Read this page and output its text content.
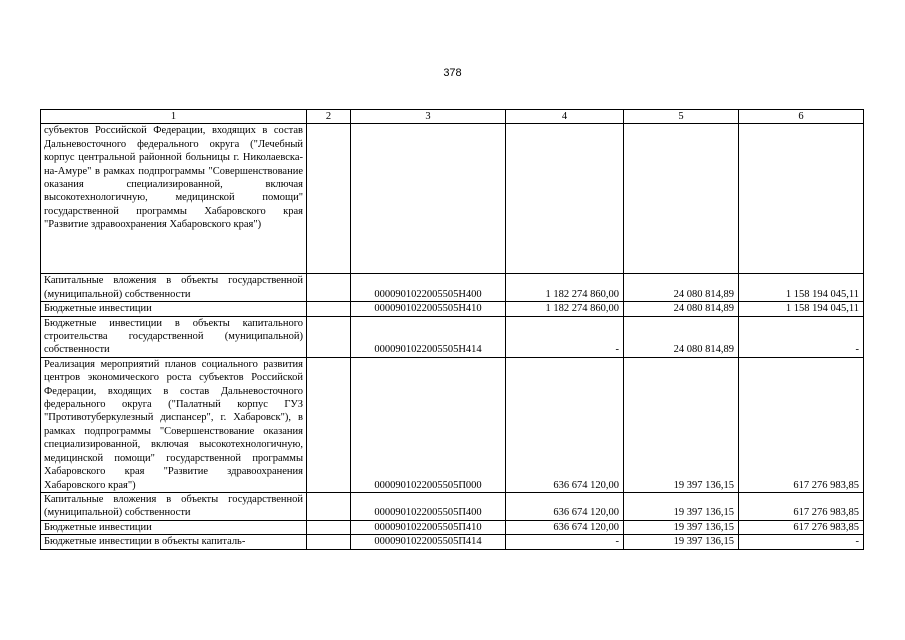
378
1	2	3	4	5	6
субъектов Российской Федерации, входящих в состав Дальневосточного федерального округа ("Лечебный корпус центральной районной больницы г. Николаевска-на-Амуре" в рамках подпрограммы "Совершенствование оказания специализированной, включая высокотехнологичную, медицинской помощи" государственной программы Хабаровского края "Развитие здравоохранения Хабаровского края")					
Капитальные вложения в объекты государственной (муниципальной) собственности		0000901022005505Н400	1 182 274 860,00	24 080 814,89	1 158 194 045,11
Бюджетные инвестиции		0000901022005505Н410	1 182 274 860,00	24 080 814,89	1 158 194 045,11
Бюджетные инвестиции в объекты капитального строительства государственной (муниципальной) собственности		0000901022005505Н414	-	24 080 814,89	-
Реализация мероприятий планов социального развития центров экономического роста субъектов Российской Федерации, входящих в состав Дальневосточного федерального округа ("Палатный корпус ГУЗ "Противотуберкулезный диспансер", г. Хабаровск"), в рамках подпрограммы "Совершенствование оказания специализированной, включая высокотехнологичную, медицинской помощи" государственной программы Хабаровского края "Развитие здравоохранения Хабаровского края")		0000901022005505П000	636 674 120,00	19 397 136,15	617 276 983,85
Капитальные вложения в объекты государственной (муниципальной) собственности		0000901022005505П400	636 674 120,00	19 397 136,15	617 276 983,85
Бюджетные инвестиции		0000901022005505П410	636 674 120,00	19 397 136,15	617 276 983,85
Бюджетные инвестиции в объекты капиталь-		0000901022005505П414	-	19 397 136,15	-
